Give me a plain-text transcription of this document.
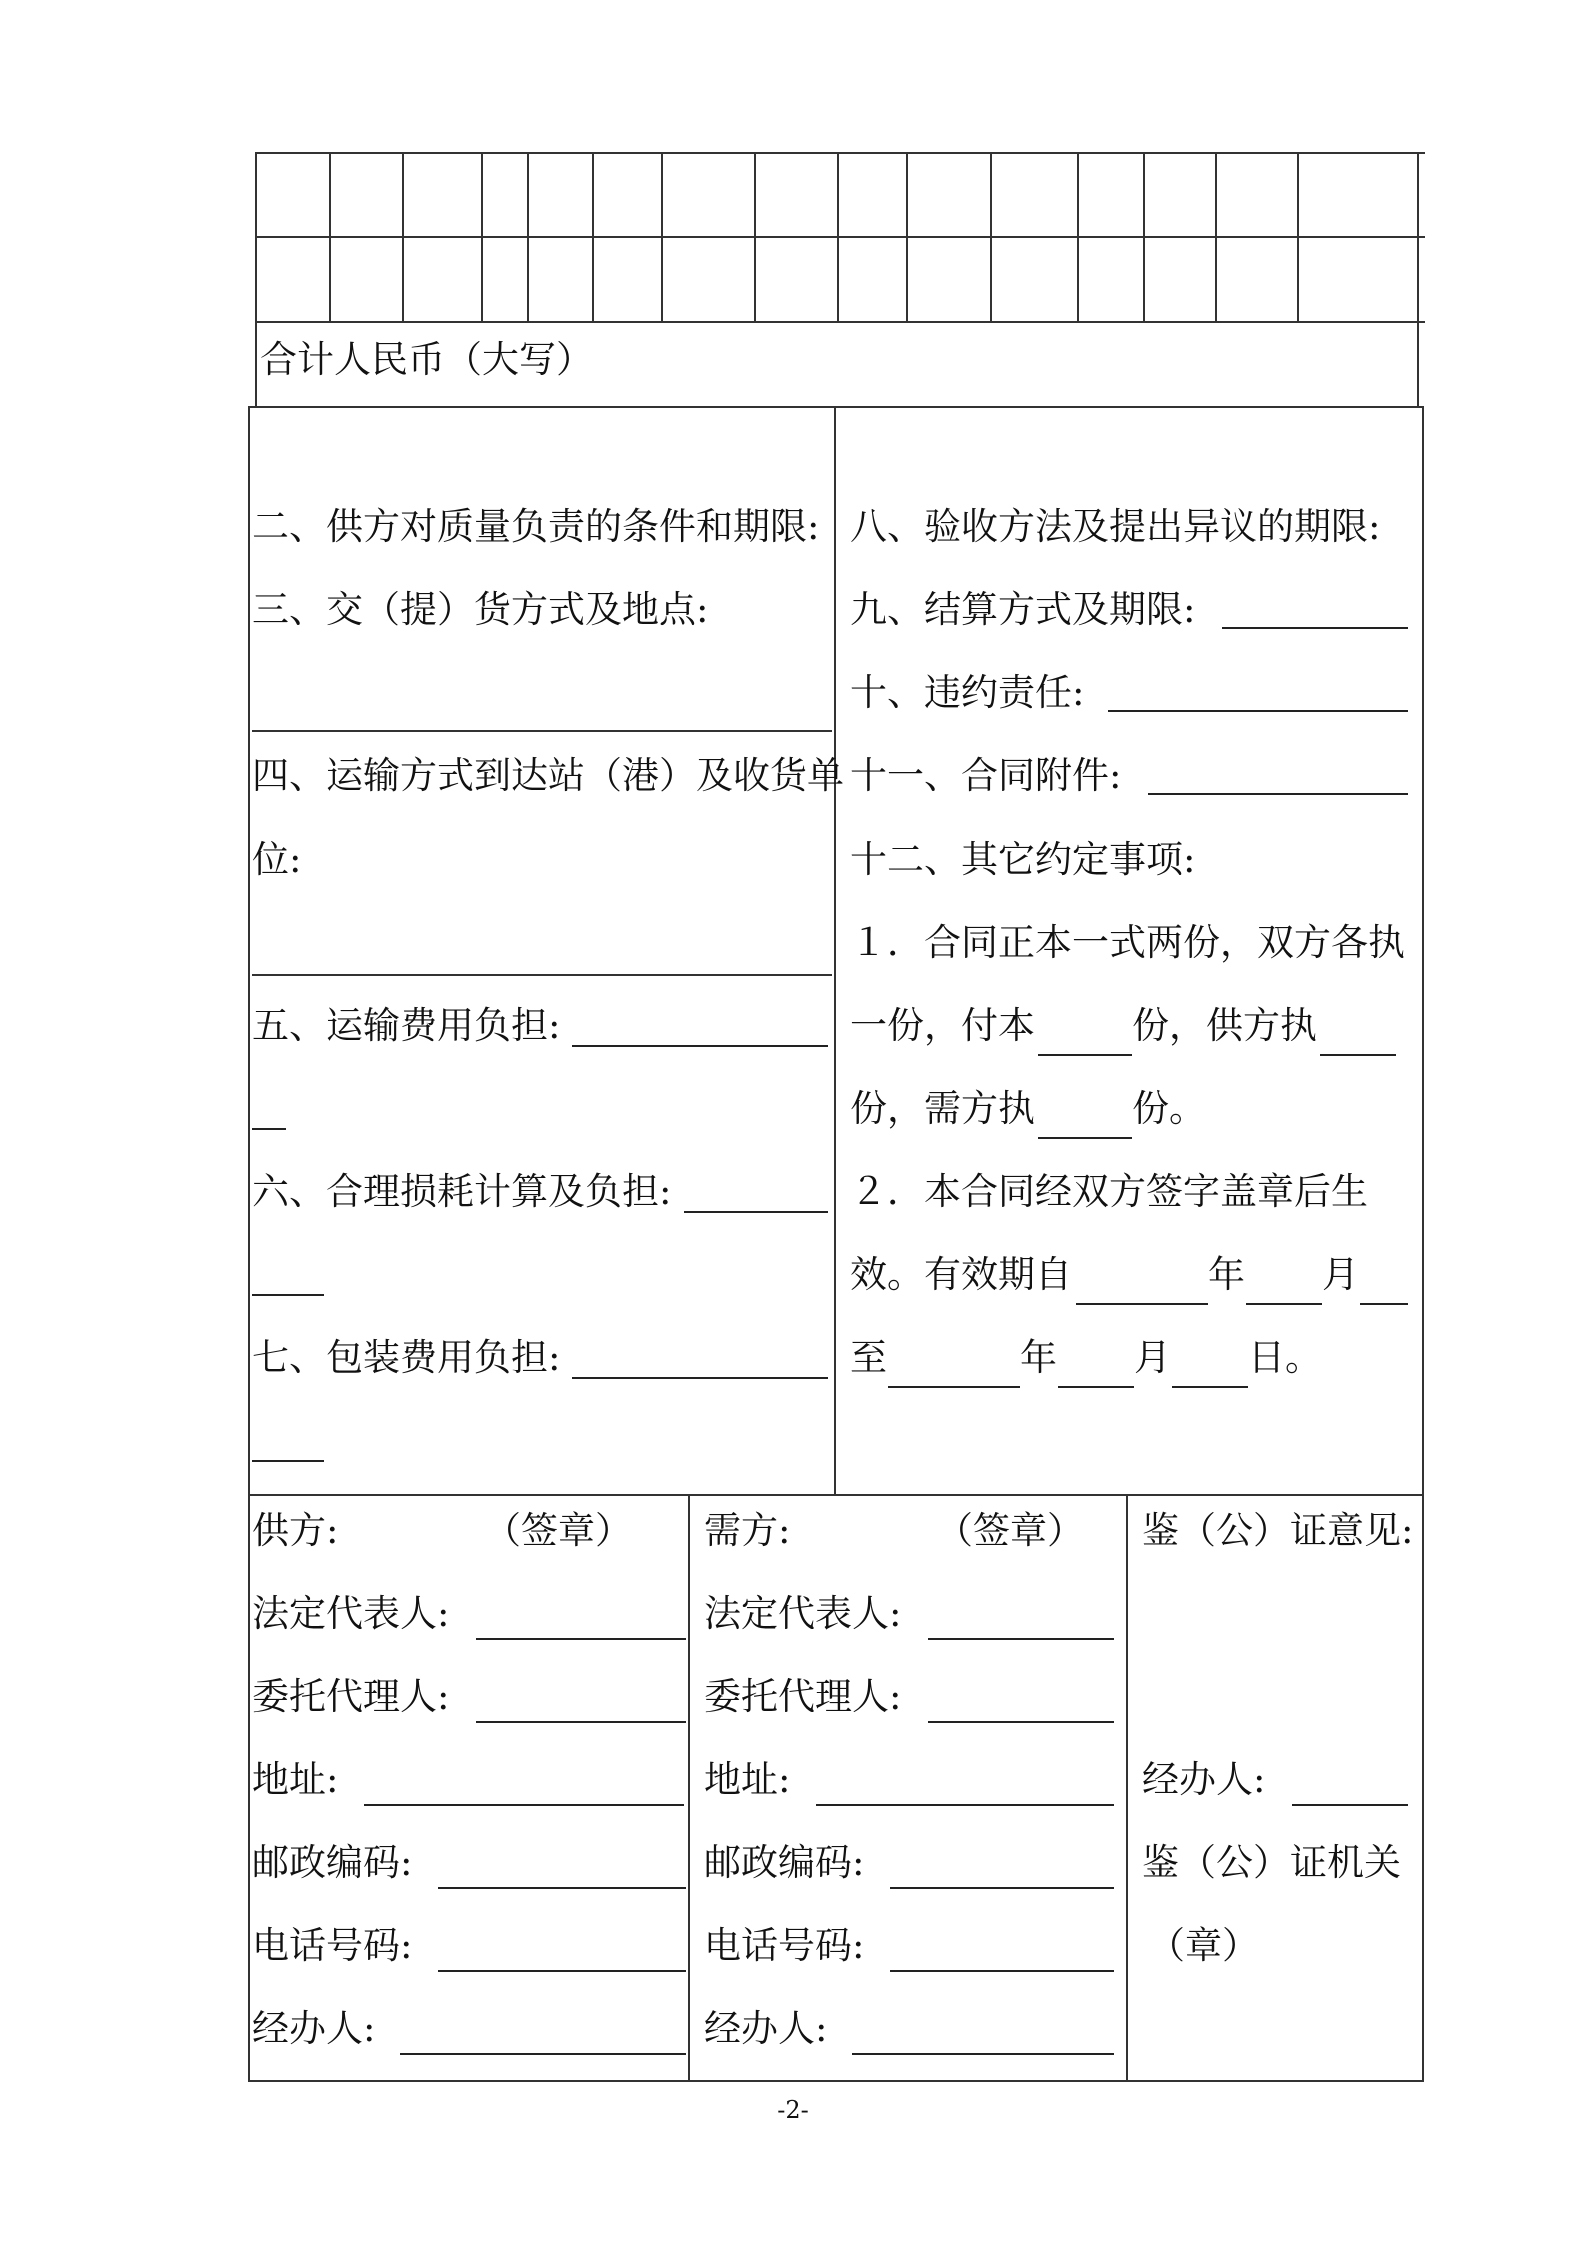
合计人民币（大写）
二、供方对质量负责的条件和期限:
三、交（提）货方式及地点:
四、运输方式到达站（港）及收货单
位:
五、运输费用负担:
六、合理损耗计算及负担:
七、包装费用负担:
八、验收方法及提出异议的期限:
九、结算方式及期限:
十、违约责任:
十一、合同附件:
十二、其它约定事项:
１．合同正本一式两份，双方各执
一份，付本	份，供方执
份，需方执	份。
２．本合同经双方签字盖章后生
效。有效期自	年 月
至	年 月 日。
供方:	（签章）
法定代表人:
委托代理人:
地址:
邮政编码:
电话号码:
经办人:
需方:	（签章）
法定代表人:
委托代理人:
地址:
邮政编码:
电话号码:
经办人:
鉴（公）证意见:
经办人:
鉴（公）证机关
（章）
-2-
